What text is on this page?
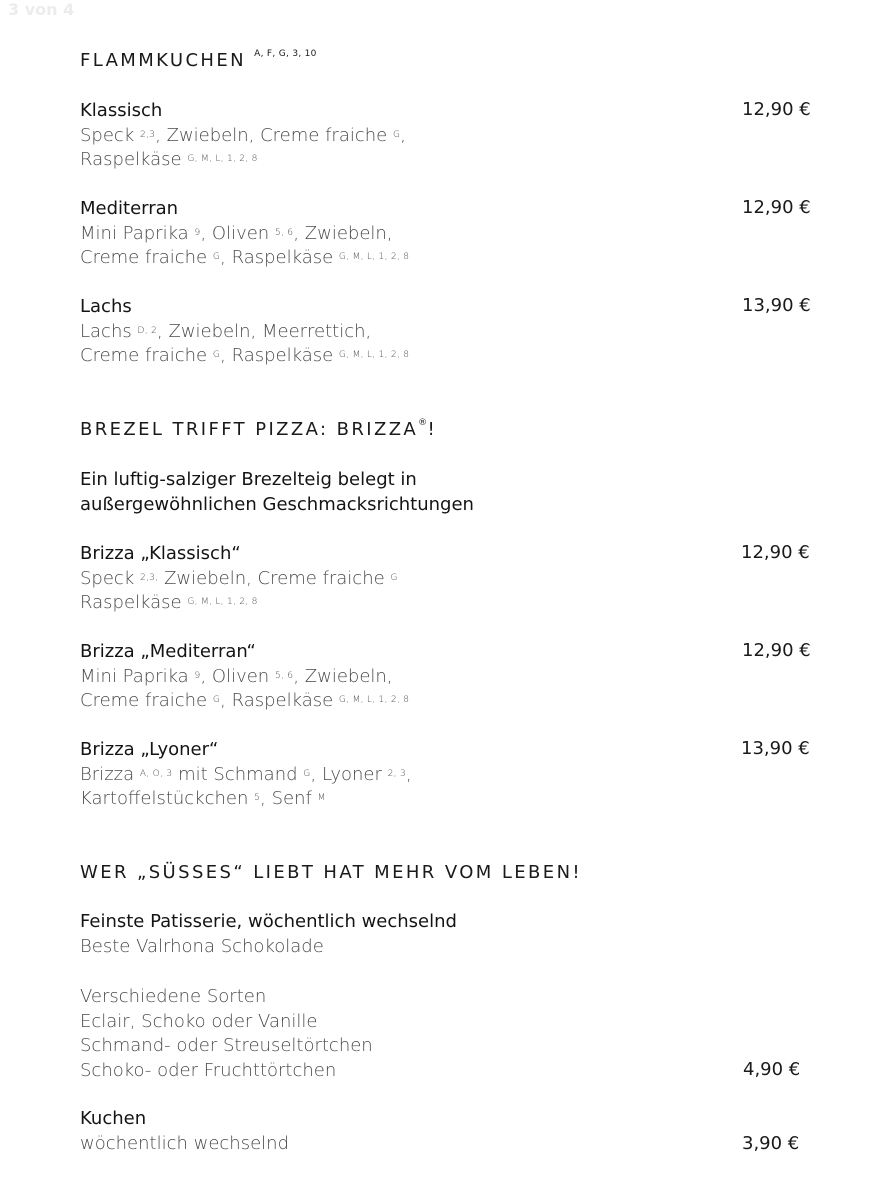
3 von 4
FLAMMKUCHEN $^{A, F, G, 3, 10}$
Klassisch
Speck $^{2,3}$, Zwiebeln, Creme fraiche $^G$,
Raspelkäse $^{G, M, L, 1, 2, 8}$
12,90 €
Mediterran
Mini Paprika $^9$, Oliven $^{5, 6}$, Zwiebeln,
Creme fraiche $^G$, Raspelkäse $^{G, M, L, 1, 2, 8}$
12,90 €
Lachs
Lachs $^{D, 2}$, Zwiebeln, Meerrettich,
Creme fraiche $^G$, Raspelkäse $^{G, M, L, 1, 2, 8}$
13,90 €
BREZEL TRIFFT PIZZA: BRIZZA®!
Ein luftig-salziger Brezelteig belegt in
außergewöhnlichen Geschmacksrichtungen
Brizza „Klassisch“
Speck $^{2,3,}$ Zwiebeln, Creme fraiche $^G$
Raspelkäse $^{G, M, L, 1, 2, 8}$
12,90 €
Brizza „Mediterran“
Mini Paprika $^9$, Oliven $^{5, 6}$, Zwiebeln,
Creme fraiche $^G$, Raspelkäse $^{G, M, L, 1, 2, 8}$
12,90 €
Brizza „Lyoner“
Brizza $^{A, O, 3}$ mit Schmand $^G$, Lyoner $^{2, 3}$,
Kartoffelstückchen $^5$, Senf $^M$
13,90 €
WER „SÜSSES“ LIEBT HAT MEHR VOM LEBEN!
Feinste Patisserie, wöchentlich wechselnd
Beste Valrhona Schokolade
Verschiedene Sorten
Eclair, Schoko oder Vanille
Schmand- oder Streuseltörtchen
Schoko- oder Fruchttörtchen	4,90 €
Kuchen
wöchentlich wechselnd	3,90 €
